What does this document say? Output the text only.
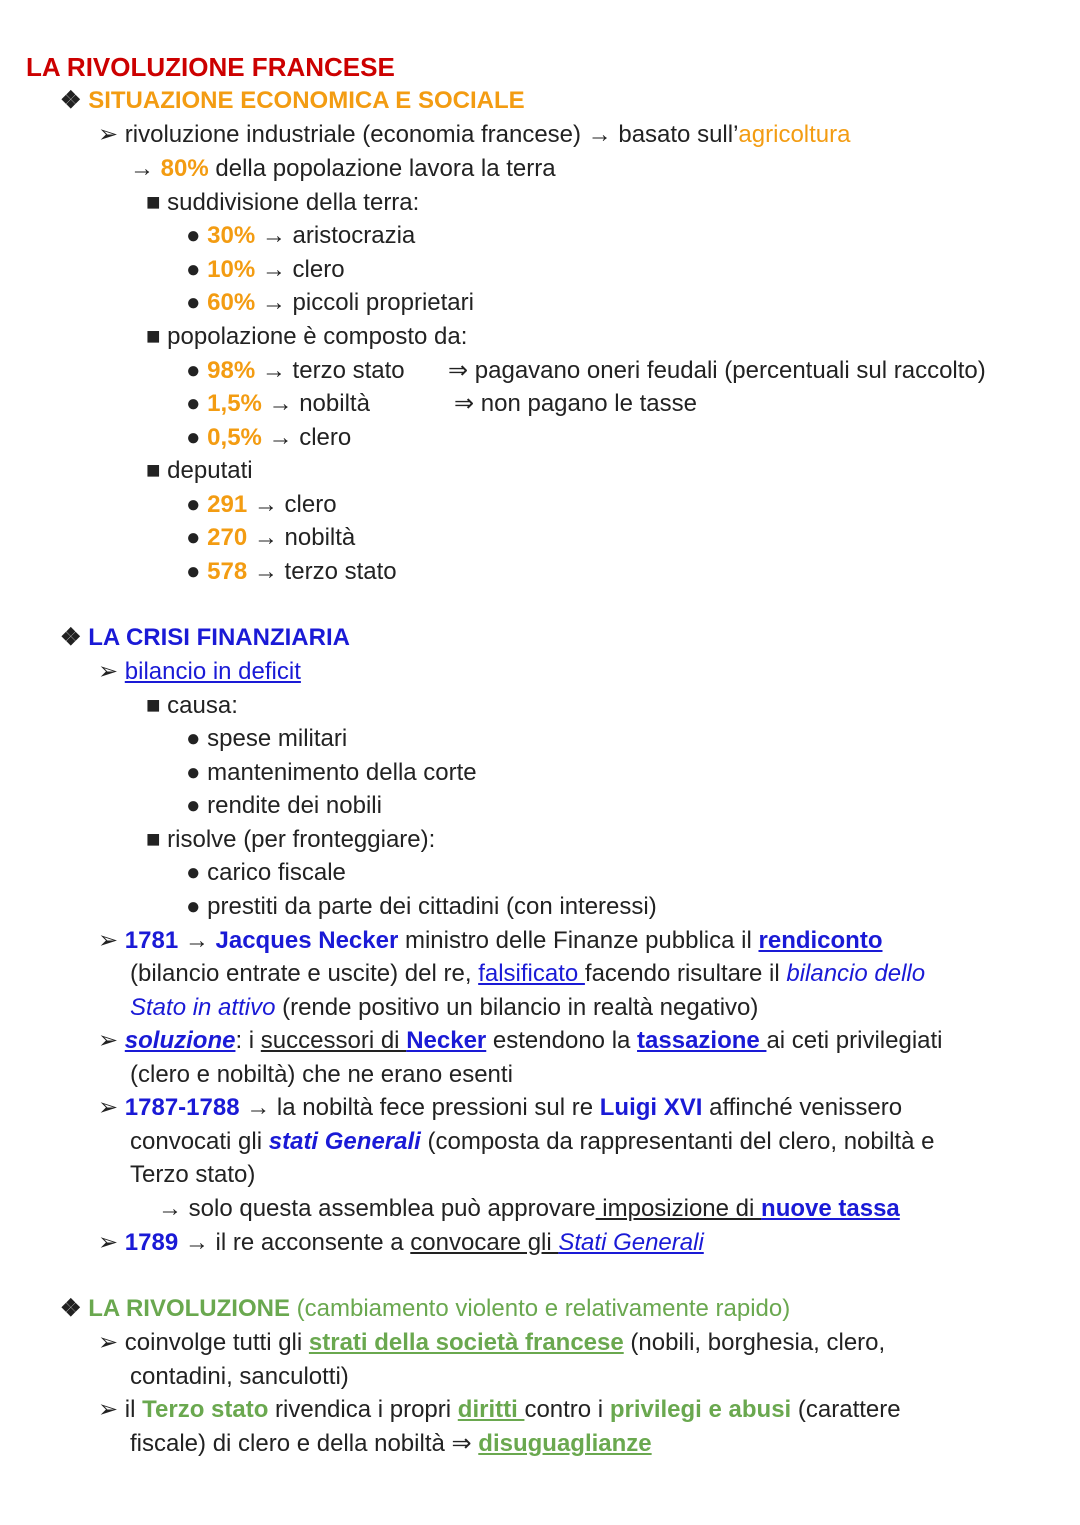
LA RIVOLUZIONE FRANCESE
❖ SITUAZIONE ECONOMICA E SOCIALE
➢ rivoluzione industriale (economia francese) → basato sull’agricoltura
→ 80% della popolazione lavora la terra
■ suddivisione della terra:
● 30% → aristocrazia
● 10% → clero
● 60% → piccoli proprietari
■ popolazione è composto da:
● 98% → terzo stato ⇒ pagavano oneri feudali (percentuali sul raccolto)
● 1,5% → nobiltà	⇒ non pagano le tasse
● 0,5% → clero
■ deputati
● 291 → clero
● 270 → nobiltà
● 578 → terzo stato
❖ LA CRISI FINANZIARIA
➢ bilancio in deficit
■ causa:
● spese militari
● mantenimento della corte
● rendite dei nobili
■ risolve (per fronteggiare):
● carico fiscale
● prestiti da parte dei cittadini (con interessi)
➢ 1781 → Jacques Necker ministro delle Finanze pubblica il rendiconto
(bilancio entrate e uscite) del re, falsificato facendo risultare il bilancio dello
Stato in attivo (rende positivo un bilancio in realtà negativo)
➢ soluzione: i successori di Necker estendono la tassazione ai ceti privilegiati
(clero e nobiltà) che ne erano esenti
➢ 1787-1788 → la nobiltà fece pressioni sul re Luigi XVI affinché venissero
convocati gli stati Generali (composta da rappresentanti del clero, nobiltà e
Terzo stato)
→ solo questa assemblea può approvare imposizione di nuove tassa
➢ 1789 → il re acconsente a convocare gli Stati Generali
❖ LA RIVOLUZIONE (cambiamento violento e relativamente rapido)
➢ coinvolge tutti gli strati della società francese (nobili, borghesia, clero,
contadini, sanculotti)
➢ il Terzo stato rivendica i propri diritti contro i privilegi e abusi (carattere
fiscale) di clero e della nobiltà ⇒ disuguaglianze
